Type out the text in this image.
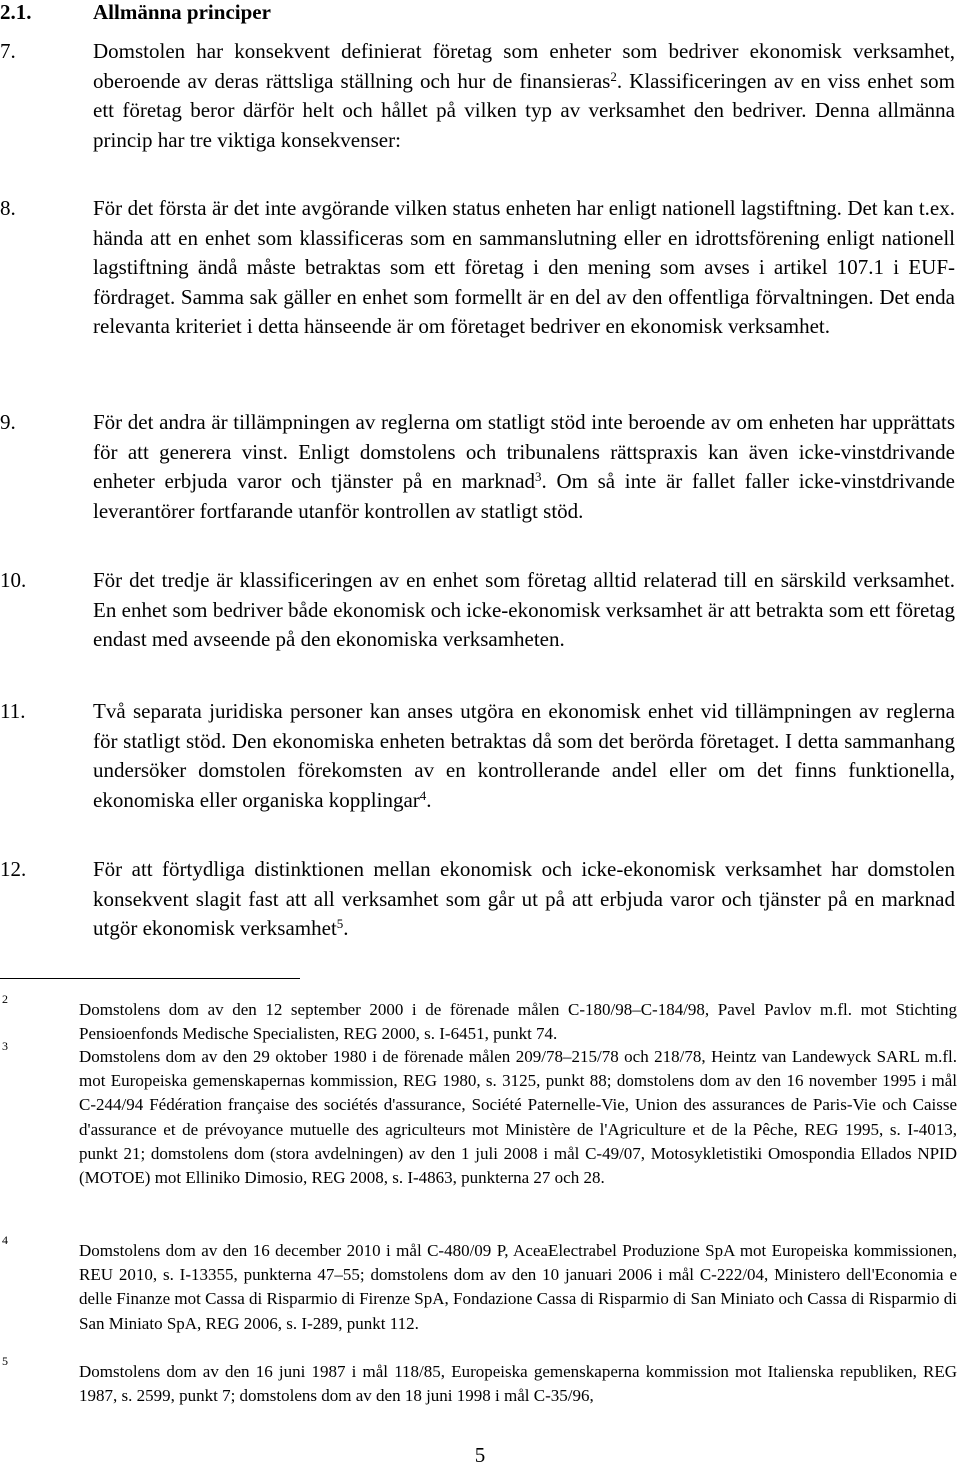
2.1.	Allmänna principer
7.	Domstolen har konsekvent definierat företag som enheter som bedriver ekonomisk verksamhet, oberoende av deras rättsliga ställning och hur de finansieras$^2$. Klassificeringen av en viss enhet som ett företag beror därför helt och hållet på vilken typ av verksamhet den bedriver. Denna allmänna princip har tre viktiga konsekvenser:
8.	För det första är det inte avgörande vilken status enheten har enligt nationell lagstiftning. Det kan t.ex. hända att en enhet som klassificeras som en sammanslutning eller en idrottsförening enligt nationell lagstiftning ändå måste betraktas som ett företag i den mening som avses i artikel 107.1 i EUF-fördraget. Samma sak gäller en enhet som formellt är en del av den offentliga förvaltningen. Det enda relevanta kriteriet i detta hänseende är om företaget bedriver en ekonomisk verksamhet.
9.	För det andra är tillämpningen av reglerna om statligt stöd inte beroende av om enheten har upprättats för att generera vinst. Enligt domstolens och tribunalens rättspraxis kan även icke-vinstdrivande enheter erbjuda varor och tjänster på en marknad$^3$. Om så inte är fallet faller icke-vinstdrivande leverantörer fortfarande utanför kontrollen av statligt stöd.
10.	För det tredje är klassificeringen av en enhet som företag alltid relaterad till en särskild verksamhet. En enhet som bedriver både ekonomisk och icke-ekonomisk verksamhet är att betrakta som ett företag endast med avseende på den ekonomiska verksamheten.
11.	Två separata juridiska personer kan anses utgöra en ekonomisk enhet vid tillämpningen av reglerna för statligt stöd. Den ekonomiska enheten betraktas då som det berörda företaget. I detta sammanhang undersöker domstolen förekomsten av en kontrollerande andel eller om det finns funktionella, ekonomiska eller organiska kopplingar$^4$.
12.	För att förtydliga distinktionen mellan ekonomisk och icke-ekonomisk verksamhet har domstolen konsekvent slagit fast att all verksamhet som går ut på att erbjuda varor och tjänster på en marknad utgör ekonomisk verksamhet$^5$.
2
Domstolens dom av den 12 september 2000 i de förenade målen C-180/98–C-184/98, Pavel Pavlov m.fl. mot Stichting Pensioenfonds Medische Specialisten, REG 2000, s. I-6451, punkt 74.
3
Domstolens dom av den 29 oktober 1980 i de förenade målen 209/78–215/78 och 218/78, Heintz van Landewyck SARL m.fl. mot Europeiska gemenskapernas kommission, REG 1980, s. 3125, punkt 88; domstolens dom av den 16 november 1995 i mål C-244/94 Fédération française des sociétés d'assurance, Société Paternelle-Vie, Union des assurances de Paris-Vie och Caisse d'assurance et de prévoyance mutuelle des agriculteurs mot Ministère de l'Agriculture et de la Pêche, REG 1995, s. I-4013, punkt 21; domstolens dom (stora avdelningen) av den 1 juli 2008 i mål C-49/07, Motosykletistiki Omospondia Ellados NPID (MOTOE) mot Elliniko Dimosio, REG 2008, s. I-4863, punkterna 27 och 28.
4
Domstolens dom av den 16 december 2010 i mål C-480/09 P, AceaElectrabel Produzione SpA mot Europeiska kommissionen, REU 2010, s. I-13355, punkterna 47–55; domstolens dom av den 10 januari 2006 i mål C-222/04, Ministero dell'Economia e delle Finanze mot Cassa di Risparmio di Firenze SpA, Fondazione Cassa di Risparmio di San Miniato och Cassa di Risparmio di San Miniato SpA, REG 2006, s. I-289, punkt 112.
5
Domstolens dom av den 16 juni 1987 i mål 118/85, Europeiska gemenskaperna kommission mot Italienska republiken, REG 1987, s. 2599, punkt 7; domstolens dom av den 18 juni 1998 i mål C-35/96,
5
